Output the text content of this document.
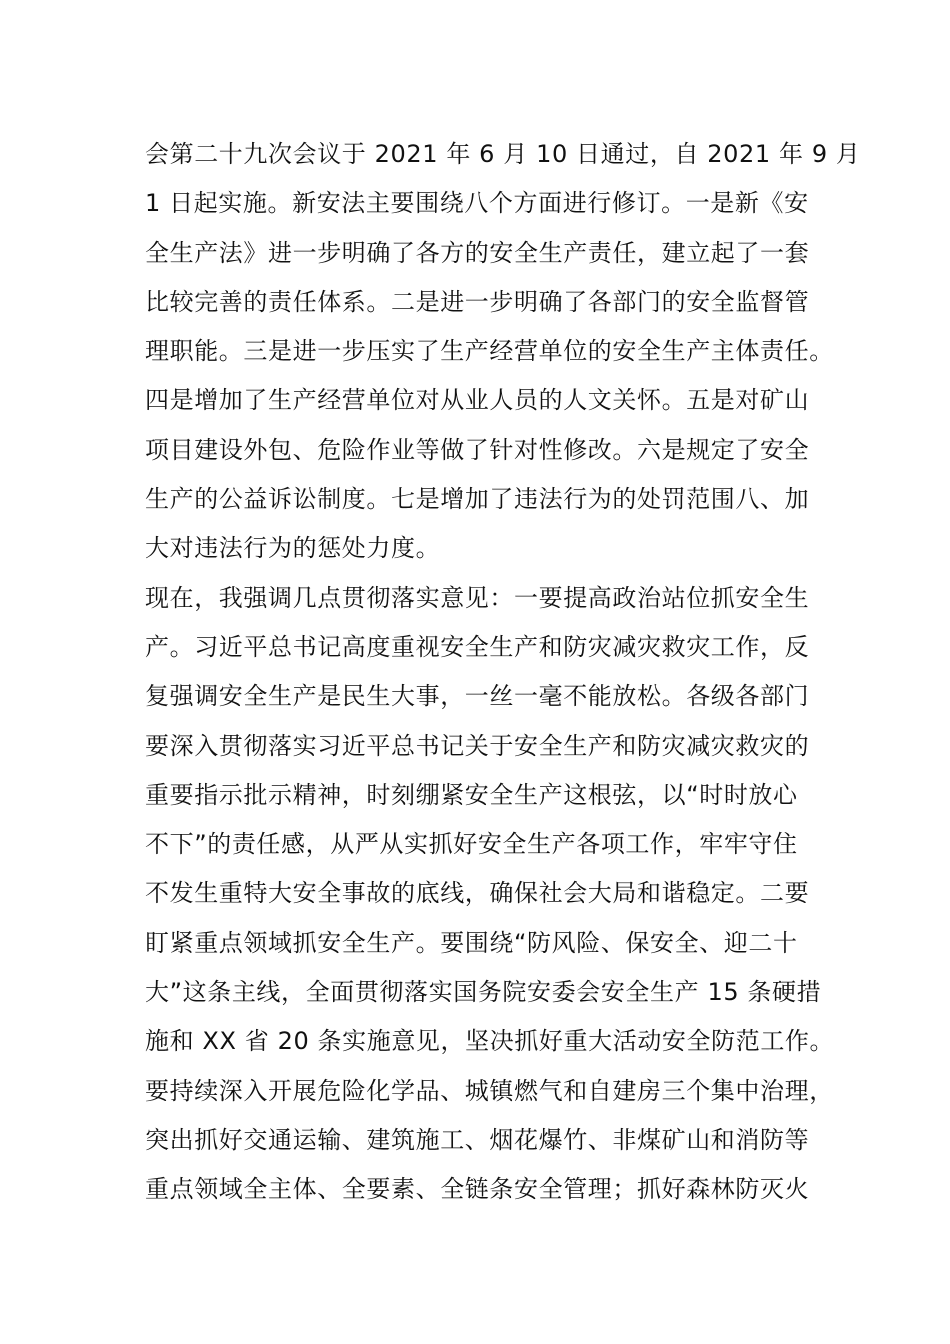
会第二十九次会议于 2021 年 6 月 10 日通过，自 2021 年 9 月
1 日起实施。新安法主要围绕八个方面进行修订。一是新《安
全生产法》进一步明确了各方的安全生产责任，建立起了一套
比较完善的责任体系。二是进一步明确了各部门的安全监督管
理职能。三是进一步压实了生产经营单位的安全生产主体责任。
四是增加了生产经营单位对从业人员的人文关怀。五是对矿山
项目建设外包、危险作业等做了针对性修改。六是规定了安全
生产的公益诉讼制度。七是增加了违法行为的处罚范围八、加
大对违法行为的惩处力度。
现在，我强调几点贯彻落实意见：一要提高政治站位抓安全生
产。习近平总书记高度重视安全生产和防灾减灾救灾工作，反
复强调安全生产是民生大事，一丝一毫不能放松。各级各部门
要深入贯彻落实习近平总书记关于安全生产和防灾减灾救灾的
重要指示批示精神，时刻绷紧安全生产这根弦，以“时时放心
不下”的责任感，从严从实抓好安全生产各项工作，牢牢守住
不发生重特大安全事故的底线，确保社会大局和谐稳定。二要
盯紧重点领域抓安全生产。要围绕“防风险、保安全、迎二十
大”这条主线，全面贯彻落实国务院安委会安全生产 15 条硬措
施和 XX 省 20 条实施意见，坚决抓好重大活动安全防范工作。
要持续深入开展危险化学品、城镇燃气和自建房三个集中治理，
突出抓好交通运输、建筑施工、烟花爆竹、非煤矿山和消防等
重点领域全主体、全要素、全链条安全管理；抓好森林防灭火
